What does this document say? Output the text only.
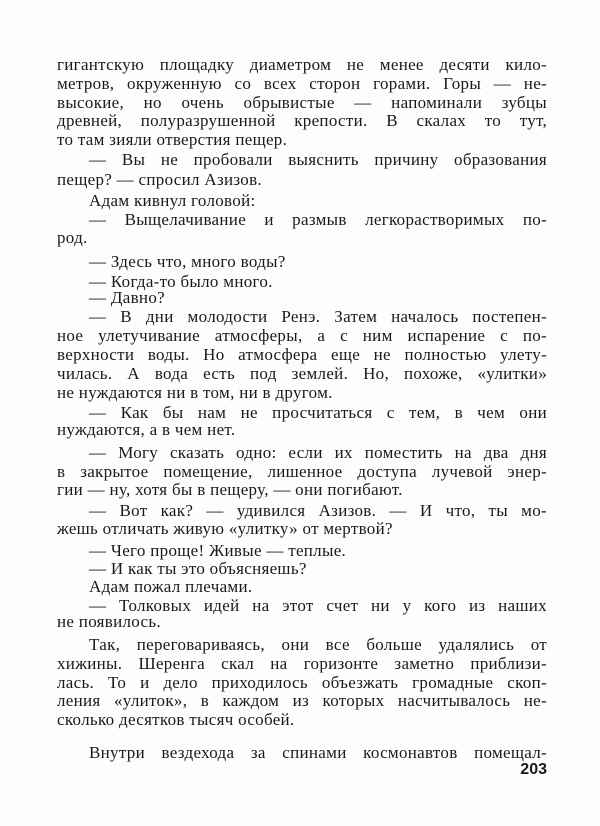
гигантскую площадку диаметром не менее десяти кило-
метров, окруженную со всех сторон горами. Горы — не-
высокие, но очень обрывистые — напоминали зубцы
древней, полуразрушенной крепости. В скалах то тут,
то там зияли отверстия пещер.
— Вы не пробовали выяснить причину образования
пещер? — спросил Азизов.
Адам кивнул головой:
— Выщелачивание и размыв легкорастворимых по-
род.
— Здесь что, много воды?
— Когда-то было много.
— Давно?
— В дни молодости Ренэ. Затем началось постепен-
ное улетучивание атмосферы, а с ним испарение с по-
верхности воды. Но атмосфера еще не полностью улету-
чилась. А вода есть под землей. Но, похоже, «улитки»
не нуждаются ни в том, ни в другом.
— Как бы нам не просчитаться с тем, в чем они
нуждаются, а в чем нет.
— Могу сказать одно: если их поместить на два дня
в закрытое помещение, лишенное доступа лучевой энер-
гии — ну, хотя бы в пещеру, — они погибают.
— Вот как? — удивился Азизов. — И что, ты мо-
жешь отличать живую «улитку» от мертвой?
— Чего проще! Живые — теплые.
— И как ты это объясняешь?
Адам пожал плечами.
— Толковых идей на этот счет ни у кого из наших
не появилось.
Так, переговариваясь, они все больше удалялись от
хижины. Шеренга скал на горизонте заметно приблизи-
лась. То и дело приходилось объезжать громадные скоп-
ления «улиток», в каждом из которых насчитывалось не-
сколько десятков тысяч особей.
Внутри вездехода за спинами космонавтов помещал-
203
